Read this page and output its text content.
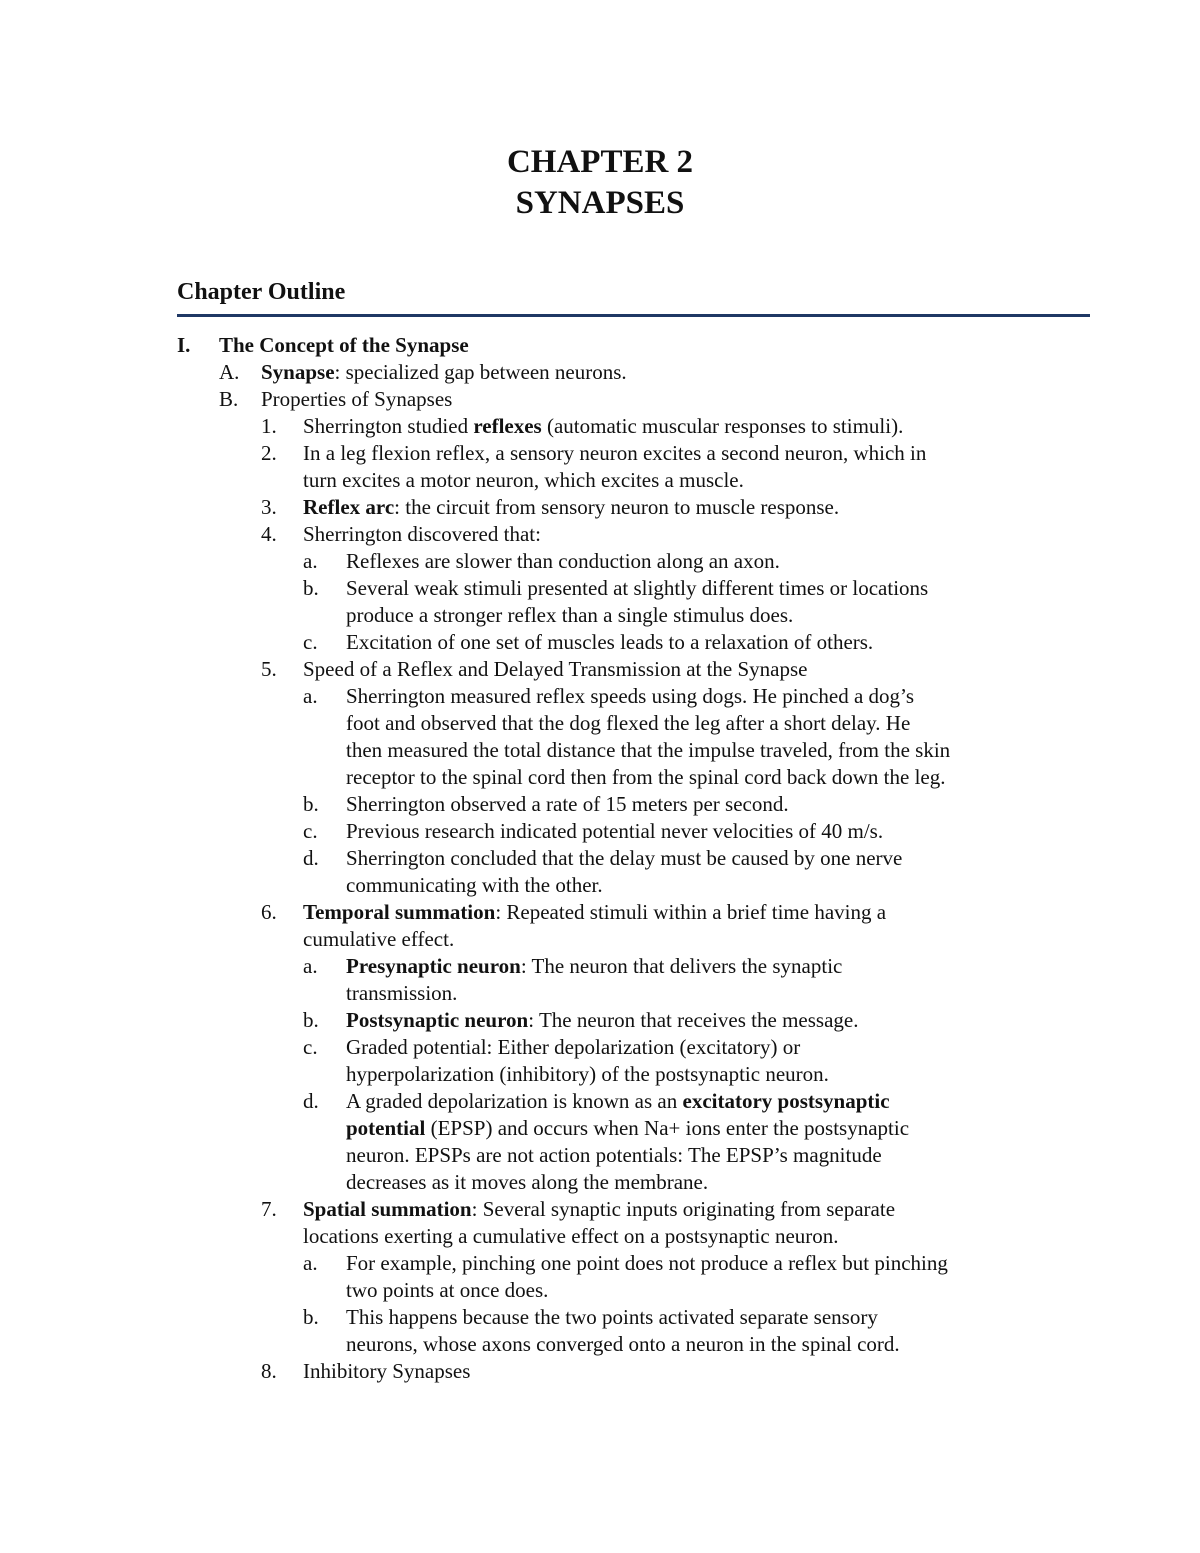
CHAPTER 2
SYNAPSES
Chapter Outline
I. The Concept of the Synapse
A. Synapse: specialized gap between neurons.
B. Properties of Synapses
1. Sherrington studied reflexes (automatic muscular responses to stimuli).
2. In a leg flexion reflex, a sensory neuron excites a second neuron, which in
turn excites a motor neuron, which excites a muscle.
3. Reflex arc: the circuit from sensory neuron to muscle response.
4. Sherrington discovered that:
a. Reflexes are slower than conduction along an axon.
b. Several weak stimuli presented at slightly different times or locations
produce a stronger reflex than a single stimulus does.
c. Excitation of one set of muscles leads to a relaxation of others.
5. Speed of a Reflex and Delayed Transmission at the Synapse
a. Sherrington measured reflex speeds using dogs. He pinched a dog’s
foot and observed that the dog flexed the leg after a short delay. He
then measured the total distance that the impulse traveled, from the skin
receptor to the spinal cord then from the spinal cord back down the leg.
b. Sherrington observed a rate of 15 meters per second.
c. Previous research indicated potential never velocities of 40 m/s.
d. Sherrington concluded that the delay must be caused by one nerve
communicating with the other.
6. Temporal summation: Repeated stimuli within a brief time having a
cumulative effect.
a. Presynaptic neuron: The neuron that delivers the synaptic
transmission.
b. Postsynaptic neuron: The neuron that receives the message.
c. Graded potential: Either depolarization (excitatory) or
hyperpolarization (inhibitory) of the postsynaptic neuron.
d. A graded depolarization is known as an excitatory postsynaptic
potential (EPSP) and occurs when Na+ ions enter the postsynaptic
neuron. EPSPs are not action potentials: The EPSP’s magnitude
decreases as it moves along the membrane.
7. Spatial summation: Several synaptic inputs originating from separate
locations exerting a cumulative effect on a postsynaptic neuron.
a. For example, pinching one point does not produce a reflex but pinching
two points at once does.
b. This happens because the two points activated separate sensory
neurons, whose axons converged onto a neuron in the spinal cord.
8. Inhibitory Synapses
